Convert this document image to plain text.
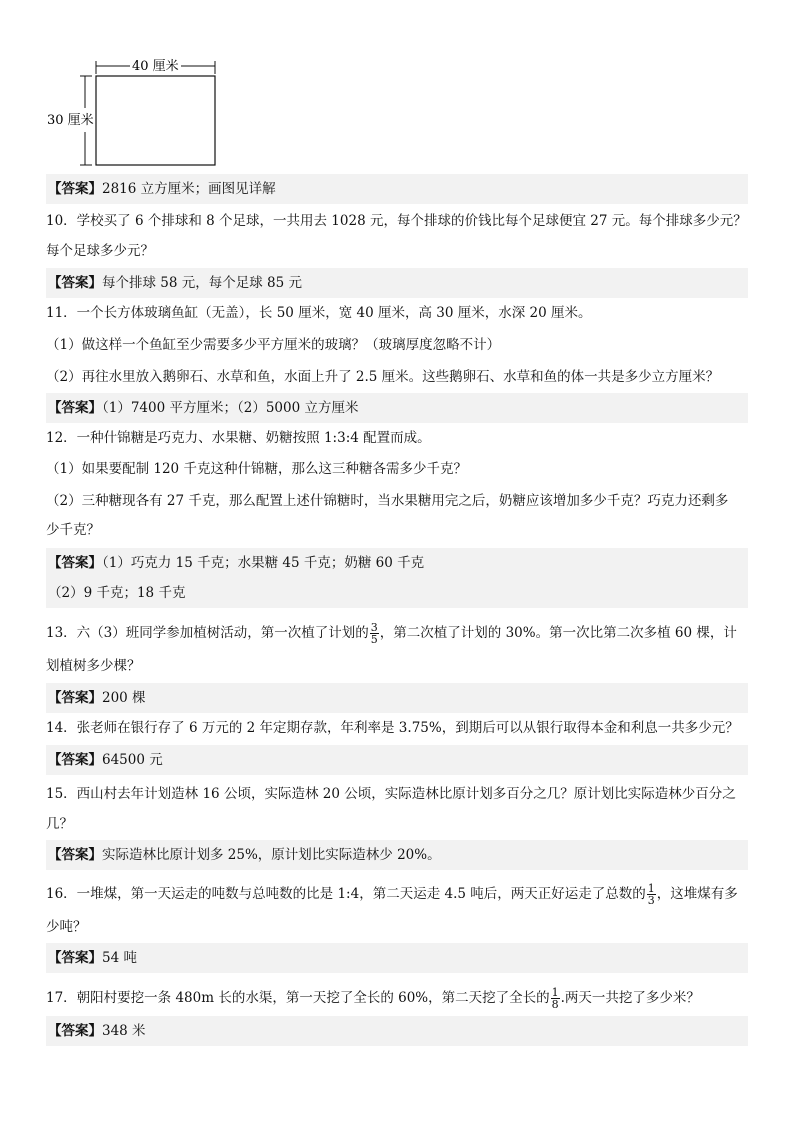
40 厘米
30 厘米
【答案】2816 立方厘米；画图见详解
10．学校买了 6 个排球和 8 个足球，一共用去 1028 元，每个排球的价钱比每个足球便宜 27 元。每个排球多少元？
每个足球多少元？
【答案】每个排球 58 元，每个足球 85 元
11．一个长方体玻璃鱼缸（无盖），长 50 厘米，宽 40 厘米，高 30 厘米，水深 20 厘米。
（1）做这样一个鱼缸至少需要多少平方厘米的玻璃？（玻璃厚度忽略不计）
（2）再往水里放入鹅卵石、水草和鱼，水面上升了 2.5 厘米。这些鹅卵石、水草和鱼的体一共是多少立方厘米？
【答案】（1）7400 平方厘米；（2）5000 立方厘米
12．一种什锦糖是巧克力、水果糖、奶糖按照 1:3:4 配置而成。
（1）如果要配制 120 千克这种什锦糖，那么这三种糖各需多少千克？
（2）三种糖现各有 27 千克，那么配置上述什锦糖时，当水果糖用完之后，奶糖应该增加多少千克？巧克力还剩多
少千克？
【答案】（1）巧克力 15 千克；水果糖 45 千克；奶糖 60 千克
（2）9 千克；18 千克
13．六（3）班同学参加植树活动，第一次植了计划的 $\frac{3}{5}$ ，第二次植了计划的 30%。第一次比第二次多植 60 棵，计
划植树多少棵？
【答案】200 棵
14．张老师在银行存了 6 万元的 2 年定期存款，年利率是 3.75%，到期后可以从银行取得本金和利息一共多少元？
【答案】64500 元
15．西山村去年计划造林 16 公顷，实际造林 20 公顷，实际造林比原计划多百分之几？原计划比实际造林少百分之
几？
【答案】实际造林比原计划多 25%，原计划比实际造林少 20%。
16．一堆煤，第一天运走的吨数与总吨数的比是 1:4，第二天运走 4.5 吨后，两天正好运走了总数的 $\frac{1}{3}$ ，这堆煤有多
少吨？
【答案】54 吨
17．朝阳村要挖一条 480m 长的水渠，第一天挖了全长的 60%，第二天挖了全长的 $\frac{1}{8}$ .两天一共挖了多少米？
【答案】348 米
